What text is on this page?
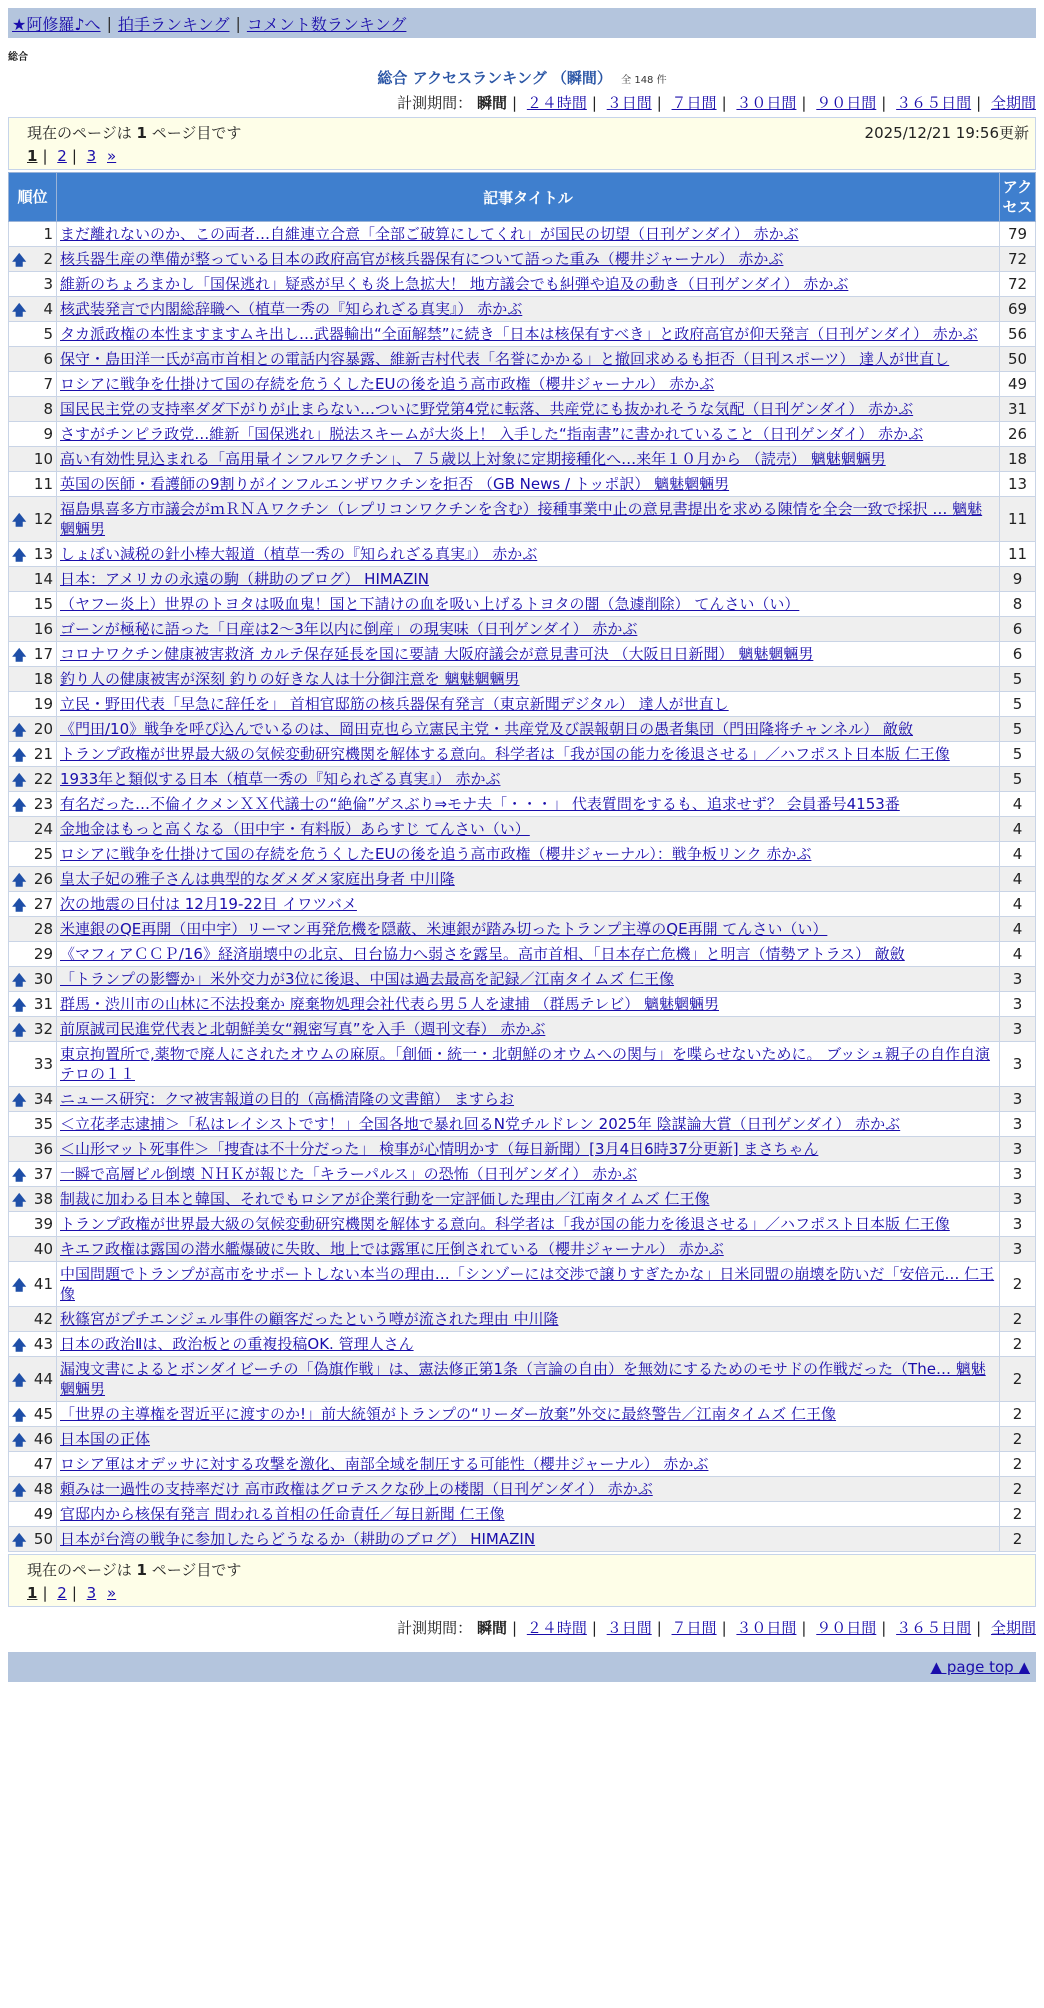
★阿修羅♪へ | 拍手ランキング | コメント数ランキング
総合
総合 アクセスランキング （瞬間） 全 148 件
計測期間： 瞬間 | ２４時間 | ３日間 | ７日間 | ３０日間 | ９０日間 | ３６５日間 | 全期間
現在のページは 1 ページ目です	2025/12/21 19:56更新
1 | 2 | 3 »
順位	記事タイトル	アクセス
1	まだ離れないのか、この両者…自維連立合意「全部ご破算にしてくれ」が国民の切望（日刊ゲンダイ） 赤かぶ	79

🡅 2	核兵器生産の準備が整っている日本の政府高官が核兵器保有について語った重み（櫻井ジャーナル） 赤かぶ	72
3	維新のちょろまかし「国保逃れ」疑惑が早くも炎上急拡大！ 地方議会でも糾弾や追及の動き（日刊ゲンダイ） 赤かぶ	72

🡅 4	核武装発言で内閣総辞職へ（植草一秀の『知られざる真実』） 赤かぶ	69
5	タカ派政権の本性ますますムキ出し…武器輸出“全面解禁”に続き「日本は核保有すべき」と政府高官が仰天発言（日刊ゲンダイ） 赤かぶ	56
6	保守・島田洋一氏が高市首相との電話内容暴露、維新吉村代表「名誉にかかる」と撤回求めるも拒否（日刊スポーツ） 達人が世直し	50
7	ロシアに戦争を仕掛けて国の存続を危うくしたEUの後を追う高市政権（櫻井ジャーナル） 赤かぶ	49
8	国民民主党の支持率ダダ下がりが止まらない…ついに野党第4党に転落、共産党にも抜かれそうな気配（日刊ゲンダイ） 赤かぶ	31
9	さすがチンピラ政党…維新「国保逃れ」脱法スキームが大炎上！ 入手した“指南書”に書かれていること（日刊ゲンダイ） 赤かぶ	26
10	高い有効性見込まれる「高用量インフルワクチン」、７５歳以上対象に定期接種化へ…来年１０月から （読売） 魑魅魍魎男	18
11	英国の医師・看護師の9割りがインフルエンザワクチンを拒否 （GB News / トッポ訳） 魑魅魍魎男	13

🡅 12	福島県喜多方市議会がｍＲＮＡワクチン（レプリコンワクチンを含む）接種事業中止の意見書提出を求める陳情を全会一致で採択 … 魑魅魍魎男	11

🡅 13	しょぼい減税の針小棒大報道（植草一秀の『知られざる真実』） 赤かぶ	11
14	日本：アメリカの永遠の駒（耕助のブログ） HIMAZIN	9
15	（ヤフー炎上）世界のトヨタは吸血鬼！国と下請けの血を吸い上げるトヨタの闇（急遽削除） てんさい（い）	8
16	ゴーンが極秘に語った「日産は2～3年以内に倒産」の現実味（日刊ゲンダイ） 赤かぶ	6

🡅 17	コロナワクチン健康被害救済 カルテ保存延長を国に要請 大阪府議会が意見書可決 （大阪日日新聞） 魑魅魍魎男	6
18	釣り人の健康被害が深刻 釣りの好きな人は十分御注意を 魑魅魍魎男	5
19	立民・野田代表「早急に辞任を」 首相官邸筋の核兵器保有発言（東京新聞デジタル） 達人が世直し	5

🡅 20	《門田/10》戦争を呼び込んでいるのは、岡田克也ら立憲民主党・共産党及び誤報朝日の愚者集団（門田隆将チャンネル） 敵斂	5

🡅 21	トランプ政権が世界最大級の気候変動研究機関を解体する意向。科学者は「我が国の能力を後退させる」／ハフポスト日本版 仁王像	5

🡅 22	1933年と類似する日本（植草一秀の『知られざる真実』） 赤かぶ	5

🡅 23	有名だった…不倫イクメンＸＸ代議士の“絶倫”ゲスぶり⇒モナ夫「・・・」 代表質問をするも、追求せず？ 会員番号4153番	4
24	金地金はもっと高くなる（田中宇・有料版）あらすじ てんさい（い）	4
25	ロシアに戦争を仕掛けて国の存続を危うくしたEUの後を追う高市政権（櫻井ジャーナル）：戦争板リンク 赤かぶ	4

🡅 26	皇太子妃の雅子さんは典型的なダメダメ家庭出身者 中川隆	4

🡅 27	次の地震の日付は 12月19-22日 イワツバメ	4
28	米連銀のQE再開（田中宇）リーマン再発危機を隠蔽、米連銀が踏み切ったトランプ主導のQE再開 てんさい（い）	4
29	《マフィアＣＣＰ/16》経済崩壊中の北京、日台協力へ弱さを露呈。高市首相、「日本存亡危機」と明言（情勢アトラス） 敵斂	4

🡅 30	「トランプの影響か」米外交力が3位に後退、中国は過去最高を記録／江南タイムズ 仁王像	3

🡅 31	群馬・渋川市の山林に不法投棄か 廃棄物処理会社代表ら男５人を逮捕 （群馬テレビ） 魑魅魍魎男	3

🡅 32	前原誠司民進党代表と北朝鮮美女“親密写真”を入手（週刊文春） 赤かぶ	3
33	東京拘置所で,薬物で廃人にされたオウムの麻原。「創価・統一・北朝鮮のオウムへの関与」を喋らせないために。 ブッシュ親子の自作自演テロの１１	3

🡅 34	ニュース研究：クマ被害報道の目的（高橋清隆の文書館） ますらお	3
35	＜立花孝志逮捕＞「私はレイシストです！」全国各地で暴れ回るN党チルドレン 2025年 陰謀論大賞（日刊ゲンダイ） 赤かぶ	3
36	＜山形マット死事件＞「捜査は不十分だった」 検事が心情明かす（毎日新聞）[3月4日6時37分更新] まさちゃん	3

🡅 37	一瞬で高層ビル倒壊 ＮＨＫが報じた「キラーパルス」の恐怖（日刊ゲンダイ） 赤かぶ	3

🡅 38	制裁に加わる日本と韓国、それでもロシアが企業行動を一定評価した理由／江南タイムズ 仁王像	3
39	トランプ政権が世界最大級の気候変動研究機関を解体する意向。科学者は「我が国の能力を後退させる」／ハフポスト日本版 仁王像	3
40	キエフ政権は露国の潜水艦爆破に失敗、地上では露軍に圧倒されている（櫻井ジャーナル） 赤かぶ	3

🡅 41	中国問題でトランプが高市をサポートしない本当の理由…「シンゾーには交渉で譲りすぎたかな」日米同盟の崩壊を防いだ「安倍元… 仁王像	2
42	秋篠宮がプチエンジェル事件の顧客だったという噂が流された理由 中川隆	2

🡅 43	日本の政治Ⅱは、政治板との重複投稿OK. 管理人さん	2

🡅 44	漏洩文書によるとボンダイビーチの「偽旗作戦」は、憲法修正第1条（言論の自由）を無効にするためのモサドの作戦だった（The… 魑魅魍魎男	2

🡅 45	「世界の主導権を習近平に渡すのか!」前大統領がトランプの“リーダー放棄”外交に最終警告／江南タイムズ 仁王像	2

🡅 46	日本国の正体	2
47	ロシア軍はオデッサに対する攻撃を激化、南部全域を制圧する可能性（櫻井ジャーナル） 赤かぶ	2

🡅 48	頼みは一過性の支持率だけ 高市政権はグロテスクな砂上の楼閣（日刊ゲンダイ） 赤かぶ	2
49	官邸内から核保有発言 問われる首相の任命責任／毎日新聞 仁王像	2

🡅 50	日本が台湾の戦争に参加したらどうなるか（耕助のブログ） HIMAZIN	2
現在のページは 1 ページ目です
1 | 2 | 3 »
計測期間： 瞬間 | ２４時間 | ３日間 | ７日間 | ３０日間 | ９０日間 | ３６５日間 | 全期間
▲ page top ▲
